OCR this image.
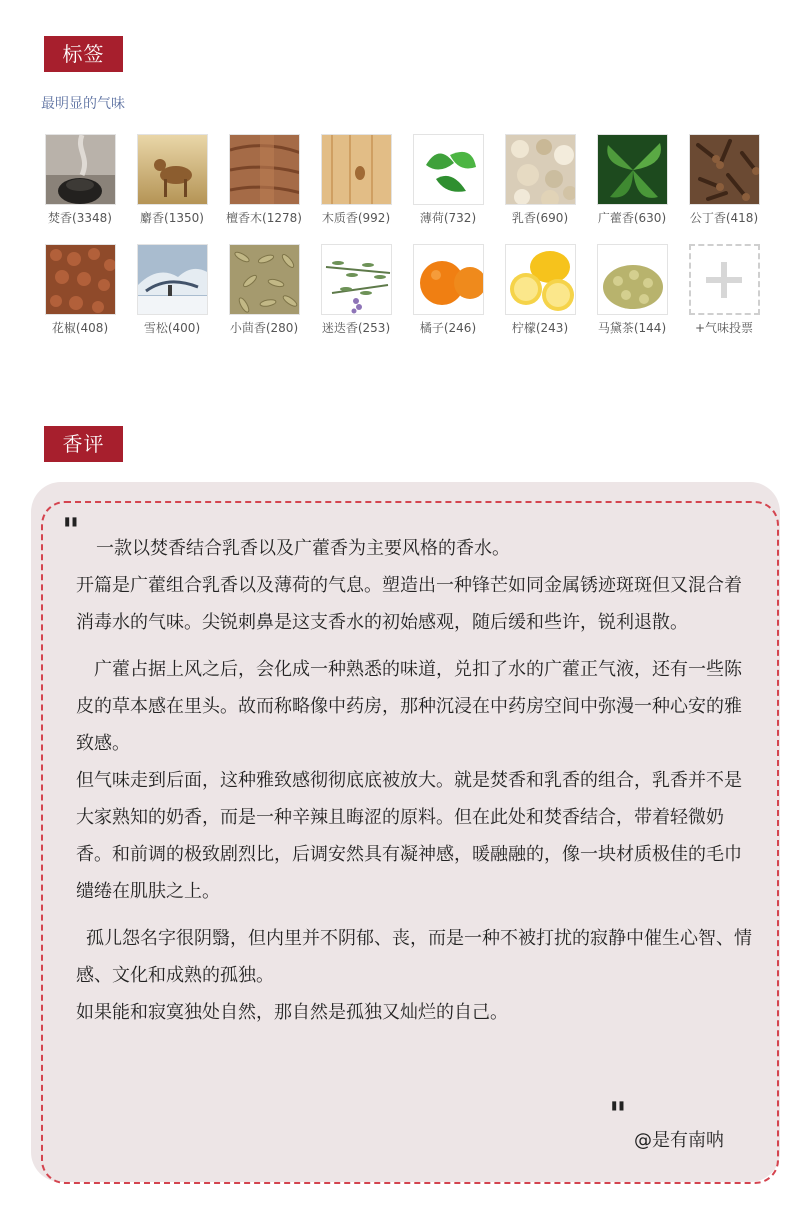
标签
最明显的气味
焚香(3348)	麝香(1350)	檀香木(1278)	木质香(992)	薄荷(732)	乳香(690)	广藿香(630)	公丁香(418)
花椒(408)	雪松(400)	小茴香(280)	迷迭香(253)	橘子(246)	柠檬(243)	马黛茶(144)	+气味投票
香评
" 一款以焚香结合乳香以及广藿香为主要风格的香水。

开篇是广藿组合乳香以及薄荷的气息。塑造出一种锋芒如同金属锈迹斑斑但又混合着消毒水的气味。尖锐刺鼻是这支香水的初始感观，随后缓和些许，锐利退散。

广藿占据上风之后，会化成一种熟悉的味道，兑扣了水的广藿正气液，还有一些陈皮的草本感在里头。故而称略像中药房，那种沉浸在中药房空间中弥漫一种心安的雅致感。

但气味走到后面，这种雅致感彻彻底底被放大。就是焚香和乳香的组合，乳香并不是大家熟知的奶香，而是一种辛辣且晦涩的原料。但在此处和焚香结合，带着轻微奶香。和前调的极致剧烈比，后调安然具有凝神感，暖融融的，像一块材质极佳的毛巾缱绻在肌肤之上。

孤儿怨名字很阴翳，但内里并不阴郁、丧，而是一种不被打扰的寂静中催生心智、情感、文化和成熟的孤独。

如果能和寂寞独处自然，那自然是孤独又灿烂的自己。

"
@是有南呐
